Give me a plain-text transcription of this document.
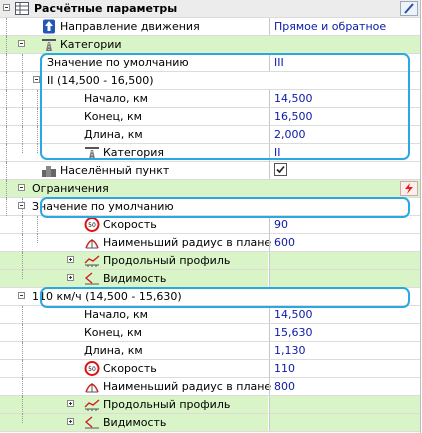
Расчётные параметры
Направление движения	Прямое и обратное
Категории
Значение по умолчанию	III
II (14,500 - 16,500)
Начало, км	14,500
Конец, км	16,500
Длина, км	2,000
Категория	II
Населённый пункт
Ограничения
Значение по умолчанию
50 Скорость	90
Наименьший радиус в плане 600
Продольный профиль
Видимость
110 км/ч (14,500 - 15,630)
Начало, км	14,500
Конец, км	15,630
Длина, км	1,130
50 Скорость	110
Наименьший радиус в плане 800
Продольный профиль
Видимость
